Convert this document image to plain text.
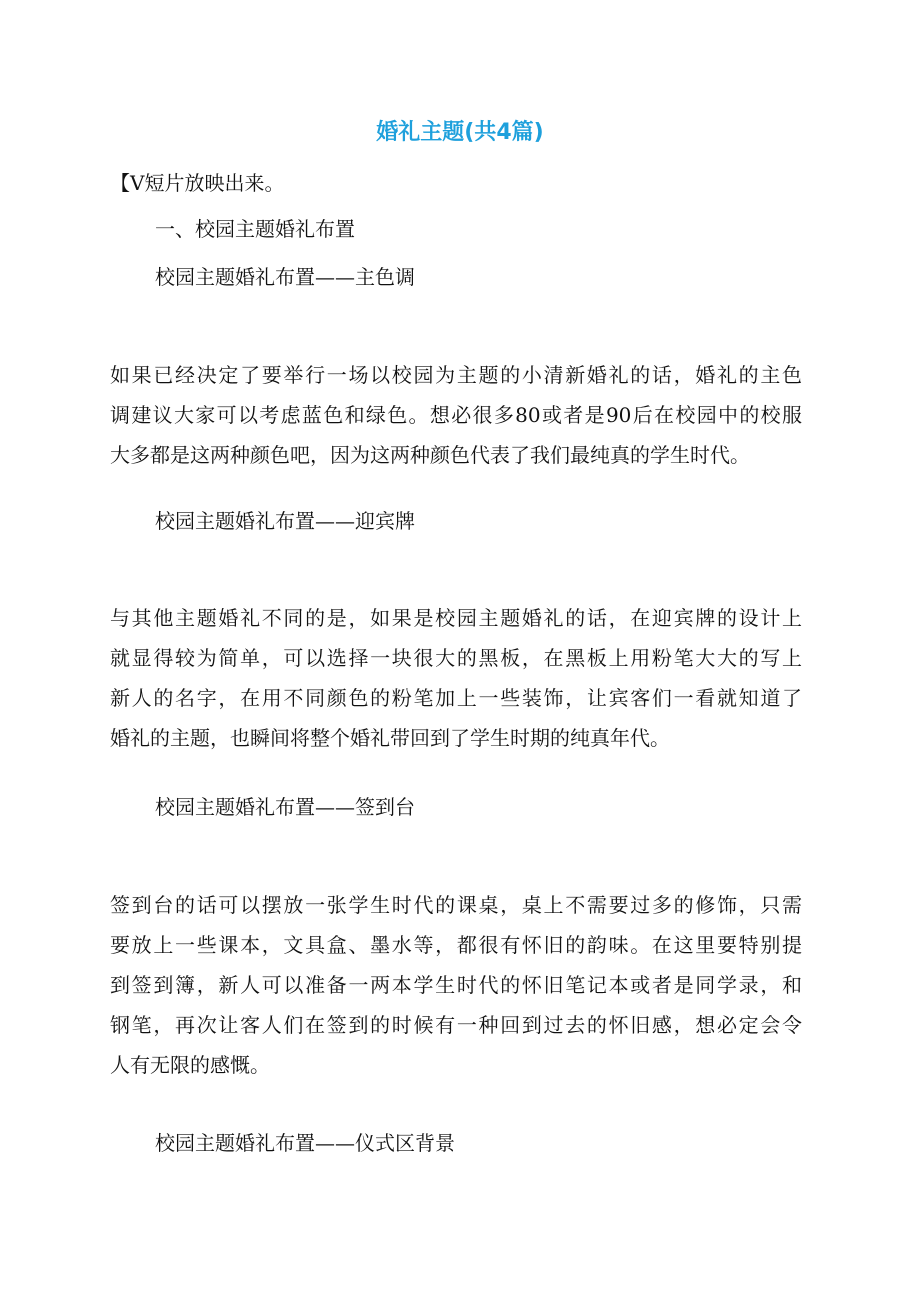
婚礼主题(共4篇)
【V短片放映出来。
一、校园主题婚礼布置
校园主题婚礼布置——主色调
如果已经决定了要举行一场以校园为主题的小清新婚礼的话，婚礼的主色
调建议大家可以考虑蓝色和绿色。想必很多80或者是90后在校园中的校服
大多都是这两种颜色吧，因为这两种颜色代表了我们最纯真的学生时代。
校园主题婚礼布置——迎宾牌
与其他主题婚礼不同的是，如果是校园主题婚礼的话，在迎宾牌的设计上
就显得较为简单，可以选择一块很大的黑板，在黑板上用粉笔大大的写上
新人的名字，在用不同颜色的粉笔加上一些装饰，让宾客们一看就知道了
婚礼的主题，也瞬间将整个婚礼带回到了学生时期的纯真年代。
校园主题婚礼布置——签到台
签到台的话可以摆放一张学生时代的课桌，桌上不需要过多的修饰，只需
要放上一些课本，文具盒、墨水等，都很有怀旧的韵味。在这里要特别提
到签到簿，新人可以准备一两本学生时代的怀旧笔记本或者是同学录，和
钢笔，再次让客人们在签到的时候有一种回到过去的怀旧感，想必定会令
人有无限的感慨。
校园主题婚礼布置——仪式区背景
